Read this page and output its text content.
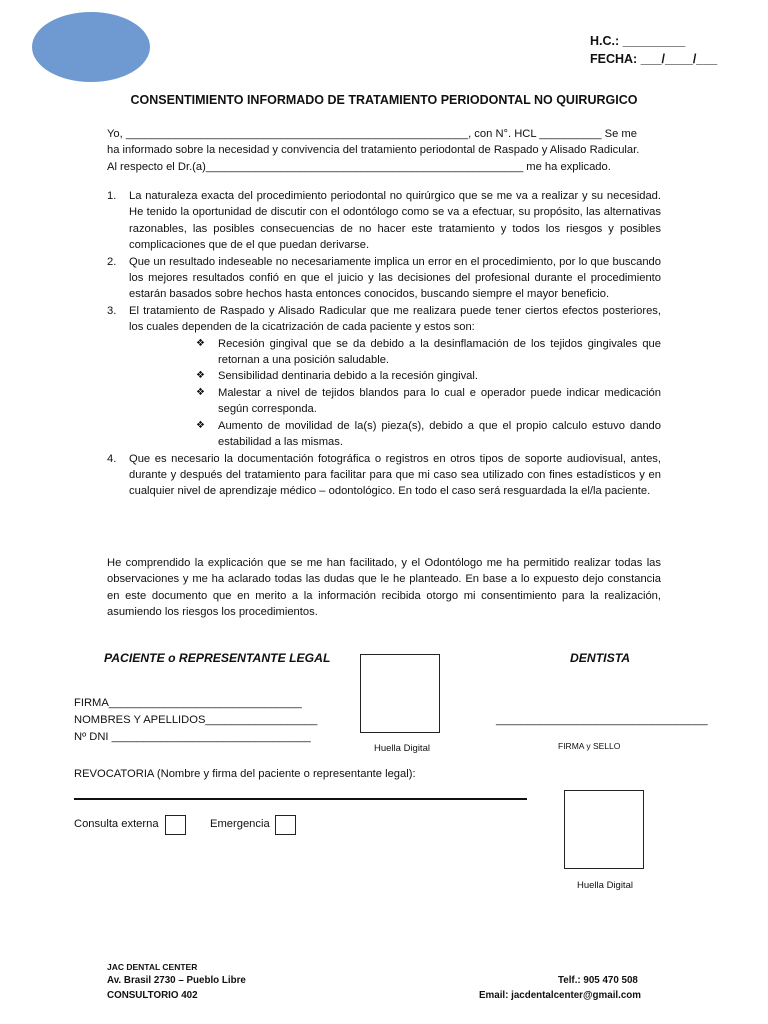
H.C.: _________
FECHA: ___/____/___
CONSENTIMIENTO INFORMADO DE TRATAMIENTO PERIODONTAL NO QUIRURGICO
Yo, _______________________________________________________, con N°. HCL __________ Se me
ha informado sobre la necesidad y convivencia del tratamiento periodontal de Raspado y Alisado Radicular.
Al respecto el Dr.(a)___________________________________________________ me ha explicado.
1. La naturaleza exacta del procedimiento periodontal no quirúrgico que se me va a realizar y su necesidad. He tenido la oportunidad de discutir con el odontólogo como se va a efectuar, su propósito, las alternativas razonables, las posibles consecuencias de no hacer este tratamiento y todos los riesgos y posibles complicaciones que de el que puedan derivarse.
2. Que un resultado indeseable no necesariamente implica un error en el procedimiento, por lo que buscando los mejores resultados confió en que el juicio y las decisiones del profesional durante el procedimiento estarán basados sobre hechos hasta entonces conocidos, buscando siempre el mayor beneficio.
3. El tratamiento de Raspado y Alisado Radicular que me realizara puede tener ciertos efectos posteriores, los cuales dependen de la cicatrización de cada paciente y estos son:
❖ Recesión gingival que se da debido a la desinflamación de los tejidos gingivales que retornan a una posición saludable.
❖ Sensibilidad dentinaria debido a la recesión gingival.
❖ Malestar a nivel de tejidos blandos para lo cual e operador puede indicar medicación según corresponda.
❖ Aumento de movilidad de la(s) pieza(s), debido a que el propio calculo estuvo dando estabilidad a las mismas.
4. Que es necesario la documentación fotográfica o registros en otros tipos de soporte audiovisual, antes, durante y después del tratamiento para facilitar para que mi caso sea utilizado con fines estadísticos y en cualquier nivel de aprendizaje médico – odontológico. En todo el caso será resguardada la el/la paciente.
He comprendido la explicación que se me han facilitado, y el Odontólogo me ha permitido realizar todas las observaciones y me ha aclarado todas las dudas que le he planteado. En base a lo expuesto dejo constancia en este documento que en merito a la información recibida otorgo mi consentimiento para la realización, asumiendo los riesgos los procedimientos.
PACIENTE o REPRESENTANTE LEGAL	DENTISTA
Huella Digital
FIRMA_______________________________
NOMBRES Y APELLIDOS__________________
Nº DNI ________________________________
__________________________________
FIRMA y SELLO
REVOCATORIA (Nombre y firma del paciente o representante legal):
Consulta externa	Emergencia
Huella Digital
JAC DENTAL CENTER
Av. Brasil 2730 – Pueblo Libre
CONSULTORIO 402
Telf.: 905 470 508
Email: jacdentalcenter@gmail.com
